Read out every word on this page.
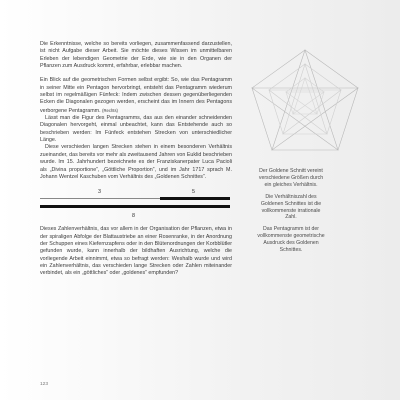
Die Erkenntnisse, welche so bereits vorliegen, zusammenfassend darzustellen, ist nicht Aufgabe dieser Arbeit. Sie möchte dieses Wissen im unmittelbaren Erleben der lebendigen Geometrie der Erde, wie sie in den Organen der Pflanzen zum Ausdruck kommt, erfahrbar, erlebbar machen.

Ein Blick auf die geometrischen Formen selbst ergibt: So, wie das Pentagramm in seiner Mitte ein Pentagon hervorbringt, entsteht das Pentagramm wiederum selbst im regelmäßigen Fünfeck: Indem zwischen dessen gegenüberliegenden Ecken die Diagonalen gezogen werden, erscheint das im Innern des Pentagons verborgene Pentagramm. (Rechts)

Lässt man die Figur des Pentagramms, das aus den einander schneidenden Diagonalen hervorgeht, einmal unbeachtet, kann das Entstehende auch so beschrieben werden: Im Fünfeck entstehen Strecken von unterschiedlicher Länge.

Diese verschieden langen Strecken stehen in einem besonderen Verhältnis zueinander, das bereits vor mehr als zweitausend Jahren von Euklid beschrieben wurde. Im 15. Jahrhundert bezeichnete es der Franziskanerpater Luca Pacioli als „Divina proportione“, „Göttliche Proportion“, und im Jahr 1717 sprach M. Johann Wentzel Kaschuben vom Verhältnis des „Goldenen Schnittes“.

3	5
8

Dieses Zahlenverhältnis, das vor allem in der Organisation der Pflanzen, etwa in der spiraligen Abfolge der Blattaustriebe an einer Rosenranke, in der Anordnung der Schuppen eines Kiefernzapfens oder in den Blütenordnungen der Korbblütler gefunden wurde, kann innerhalb der bildhaften Ausrichtung, welche die vorliegende Arbeit einnimmt, etwa so befragt werden: Weshalb wurde und wird ein Zahlenverhältnis, das verschieden lange Strecken oder Zahlen miteinander verbindet, als ein „göttliches“ oder „goldenes“ empfunden?

Der Goldene Schnitt vereint verschiedene Größen durch ein gleiches Verhältnis.

Die Verhältniszahl des Goldenen Schnittes ist die vollkommenste irrationale Zahl.

Das Pentagramm ist der vollkommenste geometrische Ausdruck des Goldenen Schnittes.

123
